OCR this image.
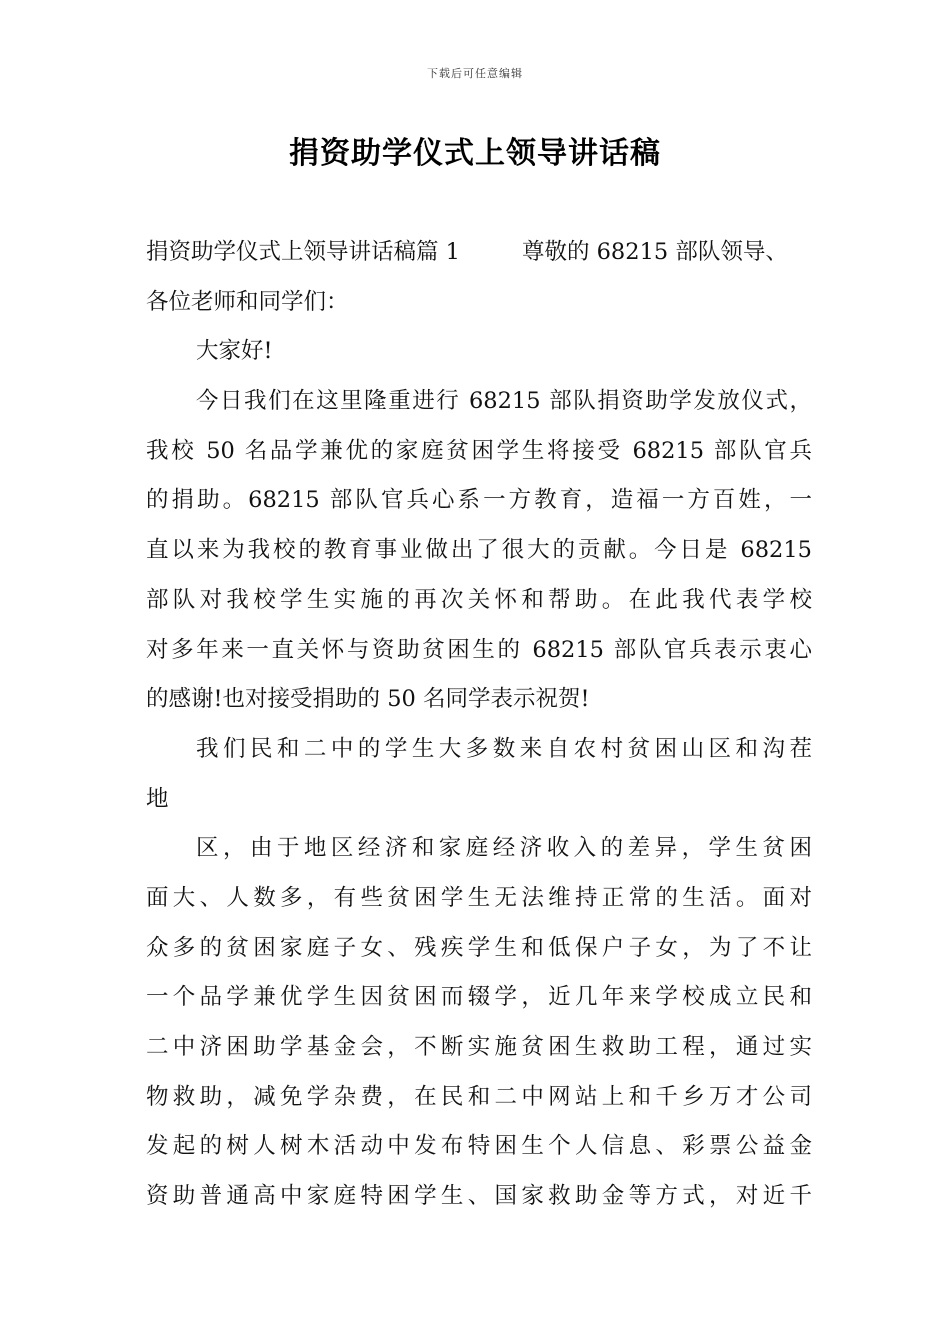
下载后可任意编辑
捐资助学仪式上领导讲话稿
捐资助学仪式上领导讲话稿篇 1	尊敬的 68215 部队领导、
各位老师和同学们：
大家好!
今日我们在这里隆重进行 68215 部队捐资助学发放仪式，
我校 50 名品学兼优的家庭贫困学生将接受 68215 部队官兵
的捐助。68215 部队官兵心系一方教育，造福一方百姓，一
直以来为我校的教育事业做出了很大的贡献。今日是 68215
部队对我校学生实施的再次关怀和帮助。在此我代表学校
对多年来一直关怀与资助贫困生的 68215 部队官兵表示衷心
的感谢!也对接受捐助的 50 名同学表示祝贺!
我们民和二中的学生大多数来自农村贫困山区和沟茬
地
区，由于地区经济和家庭经济收入的差异，学生贫困
面大、人数多，有些贫困学生无法维持正常的生活。面对
众多的贫困家庭子女、残疾学生和低保户子女，为了不让
一个品学兼优学生因贫困而辍学，近几年来学校成立民和
二中济困助学基金会，不断实施贫困生救助工程，通过实
物救助，减免学杂费，在民和二中网站上和千乡万才公司
发起的树人树木活动中发布特困生个人信息、彩票公益金
资助普通高中家庭特困学生、国家救助金等方式，对近千
